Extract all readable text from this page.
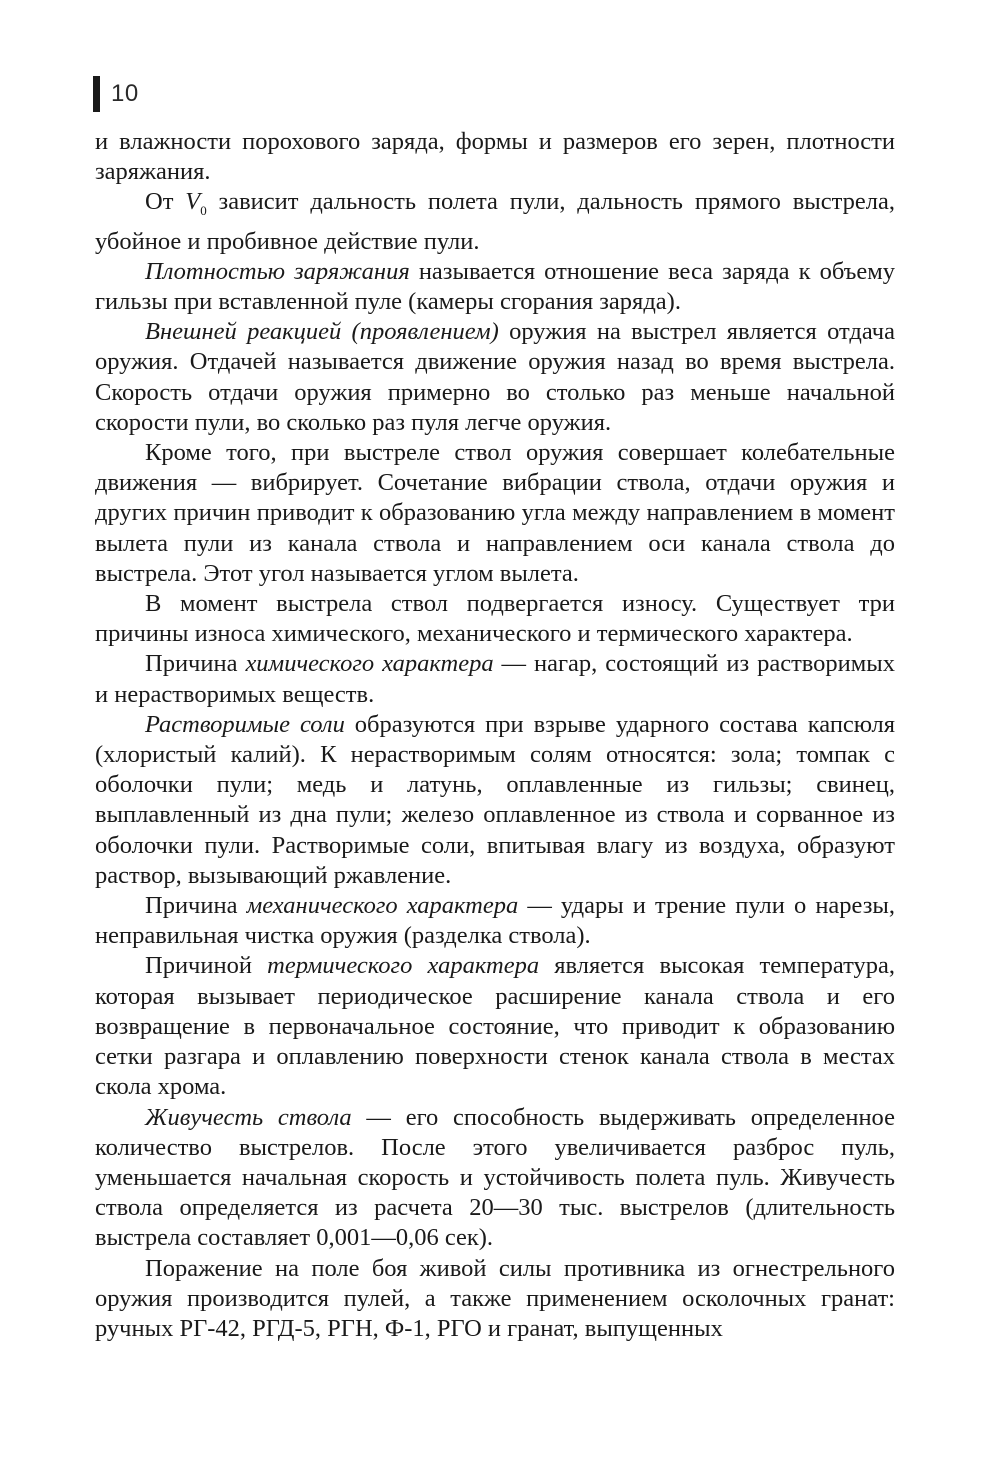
10

и влажности порохового заряда, формы и размеров его зерен, плотности заряжания.

От $V_0$ зависит дальность полета пули, дальность прямого выстрела, убойное и пробивное действие пули.

Плотностью заряжания называется отношение веса заряда к объему гильзы при вставленной пуле (камеры сгорания заряда).

Внешней реакцией (проявлением) оружия на выстрел является отдача оружия. Отдачей называется движение оружия назад во время выстрела. Скорость отдачи оружия примерно во столько раз меньше начальной скорости пули, во сколько раз пуля легче оружия.

Кроме того, при выстреле ствол оружия совершает колебательные движения — вибрирует. Сочетание вибрации ствола, отдачи оружия и других причин приводит к образованию угла между направлением в момент вылета пули из канала ствола и направлением оси канала ствола до выстрела. Этот угол называется углом вылета.

В момент выстрела ствол подвергается износу. Существует три причины износа химического, механического и термического характера.

Причина химического характера — нагар, состоящий из растворимых и нерастворимых веществ.

Растворимые соли образуются при взрыве ударного состава капсюля (хлористый калий). К нерастворимым солям относятся: зола; томпак с оболочки пули; медь и латунь, оплавленные из гильзы; свинец, выплавленный из дна пули; железо оплавленное из ствола и сорванное из оболочки пули. Растворимые соли, впитывая влагу из воздуха, образуют раствор, вызывающий ржавление.

Причина механического характера — удары и трение пули о нарезы, неправильная чистка оружия (разделка ствола).

Причиной термического характера является высокая температура, которая вызывает периодическое расширение канала ствола и его возвращение в первоначальное состояние, что приводит к образованию сетки разгара и оплавлению поверхности стенок канала ствола в местах скола хрома.

Живучесть ствола — его способность выдерживать определенное количество выстрелов. После этого увеличивается разброс пуль, уменьшается начальная скорость и устойчивость полета пуль. Живучесть ствола определяется из расчета 20—30 тыс. выстрелов (длительность выстрела составляет 0,001—0,06 сек).

Поражение на поле боя живой силы противника из огнестрельного оружия производится пулей, а также применением осколочных гранат: ручных РГ-42, РГД-5, РГН, Ф-1, РГО и гранат, выпущенных
